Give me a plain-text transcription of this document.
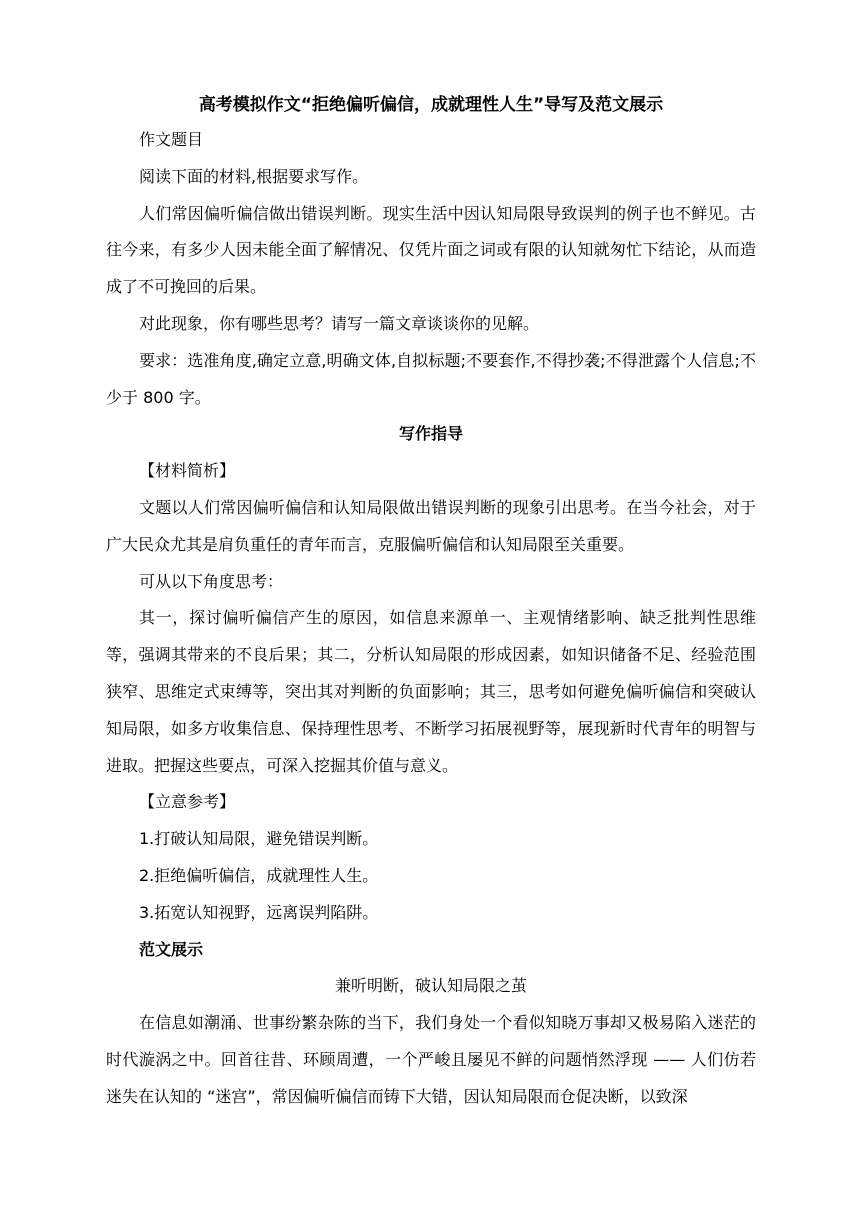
高考模拟作文“拒绝偏听偏信，成就理性人生”导写及范文展示

作文题目

阅读下面的材料,根据要求写作。

人们常因偏听偏信做出错误判断。现实生活中因认知局限导致误判的例子也不鲜见。古往今来，有多少人因未能全面了解情况、仅凭片面之词或有限的认知就匆忙下结论，从而造成了不可挽回的后果。

对此现象，你有哪些思考？请写一篇文章谈谈你的见解。

要求：选准角度,确定立意,明确文体,自拟标题;不要套作,不得抄袭;不得泄露个人信息;不少于 800 字。

写作指导

【材料简析】

文题以人们常因偏听偏信和认知局限做出错误判断的现象引出思考。在当今社会，对于广大民众尤其是肩负重任的青年而言，克服偏听偏信和认知局限至关重要。

可从以下角度思考：

其一，探讨偏听偏信产生的原因，如信息来源单一、主观情绪影响、缺乏批判性思维等，强调其带来的不良后果；其二，分析认知局限的形成因素，如知识储备不足、经验范围狭窄、思维定式束缚等，突出其对判断的负面影响；其三，思考如何避免偏听偏信和突破认知局限，如多方收集信息、保持理性思考、不断学习拓展视野等，展现新时代青年的明智与进取。把握这些要点，可深入挖掘其价值与意义。

【立意参考】

1.打破认知局限，避免错误判断。

2.拒绝偏听偏信，成就理性人生。

3.拓宽认知视野，远离误判陷阱。

范文展示

兼听明断，破认知局限之茧

在信息如潮涌、世事纷繁杂陈的当下，我们身处一个看似知晓万事却又极易陷入迷茫的时代漩涡之中。回首往昔、环顾周遭，一个严峻且屡见不鲜的问题悄然浮现 —— 人们仿若迷失在认知的 “迷宫”，常因偏听偏信而铸下大错，因认知局限而仓促决断，以致深
